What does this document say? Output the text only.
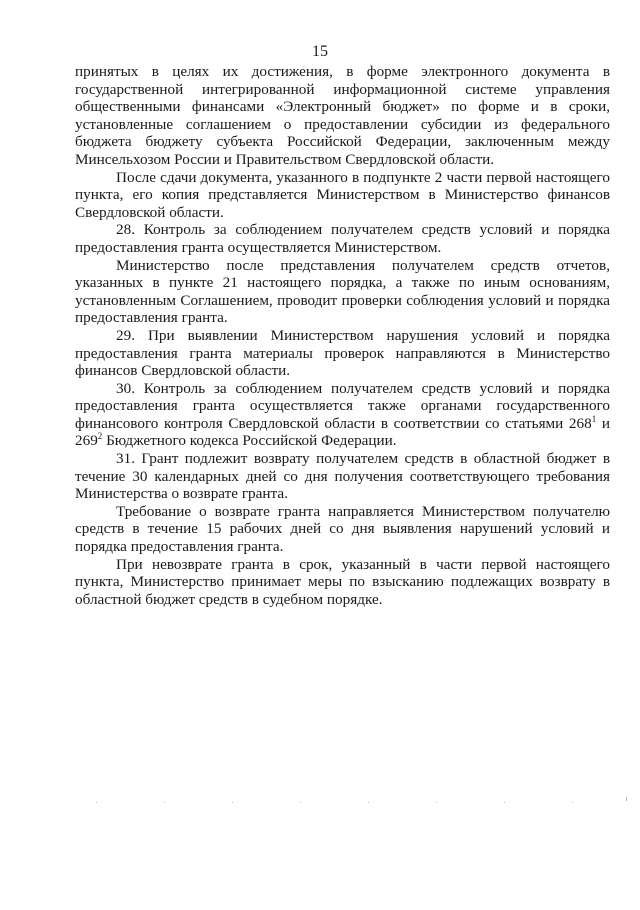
15

принятых в целях их достижения, в форме электронного документа в государственной интегрированной информационной системе управления общественными финансами «Электронный бюджет» по форме и в сроки, установленные соглашением о предоставлении субсидии из федерального бюджета бюджету субъекта Российской Федерации, заключенным между Минсельхозом России и Правительством Свердловской области.

После сдачи документа, указанного в подпункте 2 части первой настоящего пункта, его копия представляется Министерством в Министерство финансов Свердловской области.

28. Контроль за соблюдением получателем средств условий и порядка предоставления гранта осуществляется Министерством.

Министерство после представления получателем средств отчетов, указанных в пункте 21 настоящего порядка, а также по иным основаниям, установленным Соглашением, проводит проверки соблюдения условий и порядка предоставления гранта.

29. При выявлении Министерством нарушения условий и порядка предоставления гранта материалы проверок направляются в Министерство финансов Свердловской области.

30. Контроль за соблюдением получателем средств условий и порядка предоставления гранта осуществляется также органами государственного финансового контроля Свердловской области в соответствии со статьями $268^1$ и $269^2$ Бюджетного кодекса Российской Федерации.

31. Грант подлежит возврату получателем средств в областной бюджет в течение 30 календарных дней со дня получения соответствующего требования Министерства о возврате гранта.

Требование о возврате гранта направляется Министерством получателю средств в течение 15 рабочих дней со дня выявления нарушений условий и порядка предоставления гранта.

При невозврате гранта в срок, указанный в части первой настоящего пункта, Министерство принимает меры по взысканию подлежащих возврату в областной бюджет средств в судебном порядке.
